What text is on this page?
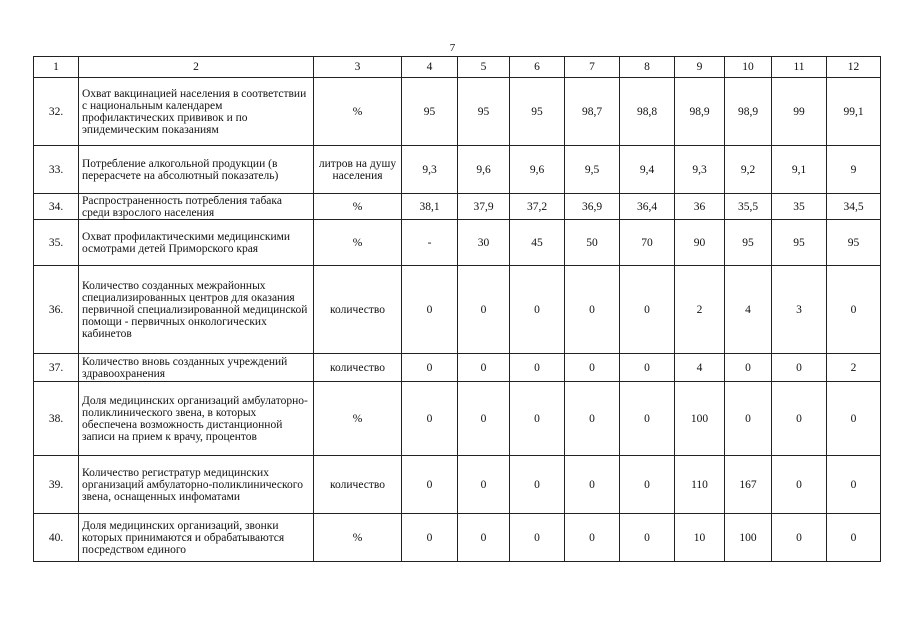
7
1	2	3	4	5	6	7	8	9	10	11	12
32.	Охват вакцинацией населения в соответствии с национальным календарем профилактических прививок и по эпидемическим показаниям	%	95	95	95	98,7	98,8	98,9	98,9	99	99,1
33.	Потребление алкогольной продукции (в перерасчете на абсолютный показатель)	литров на душу населения	9,3	9,6	9,6	9,5	9,4	9,3	9,2	9,1	9
34.	Распространенность потребления табака среди взрослого населения	%	38,1	37,9	37,2	36,9	36,4	36	35,5	35	34,5
35.	Охват профилактическими медицинскими осмотрами детей Приморского края	%	-	30	45	50	70	90	95	95	95
36.	Количество созданных межрайонных специализированных центров для оказания первичной специализированной медицинской помощи - первичных онкологических кабинетов	количество	0	0	0	0	0	2	4	3	0
37.	Количество вновь созданных учреждений здравоохранения	количество	0	0	0	0	0	4	0	0	2
38.	Доля медицинских организаций амбулаторно-поликлинического звена, в которых обеспечена возможность дистанционной записи на прием к врачу, процентов	%	0	0	0	0	0	100	0	0	0
39.	Количество регистратур медицинских организаций амбулаторно-поликлинического звена, оснащенных инфоматами	количество	0	0	0	0	0	110	167	0	0
40.	Доля медицинских организаций, звонки которых принимаются и обрабатываются посредством единого	%	0	0	0	0	0	10	100	0	0
